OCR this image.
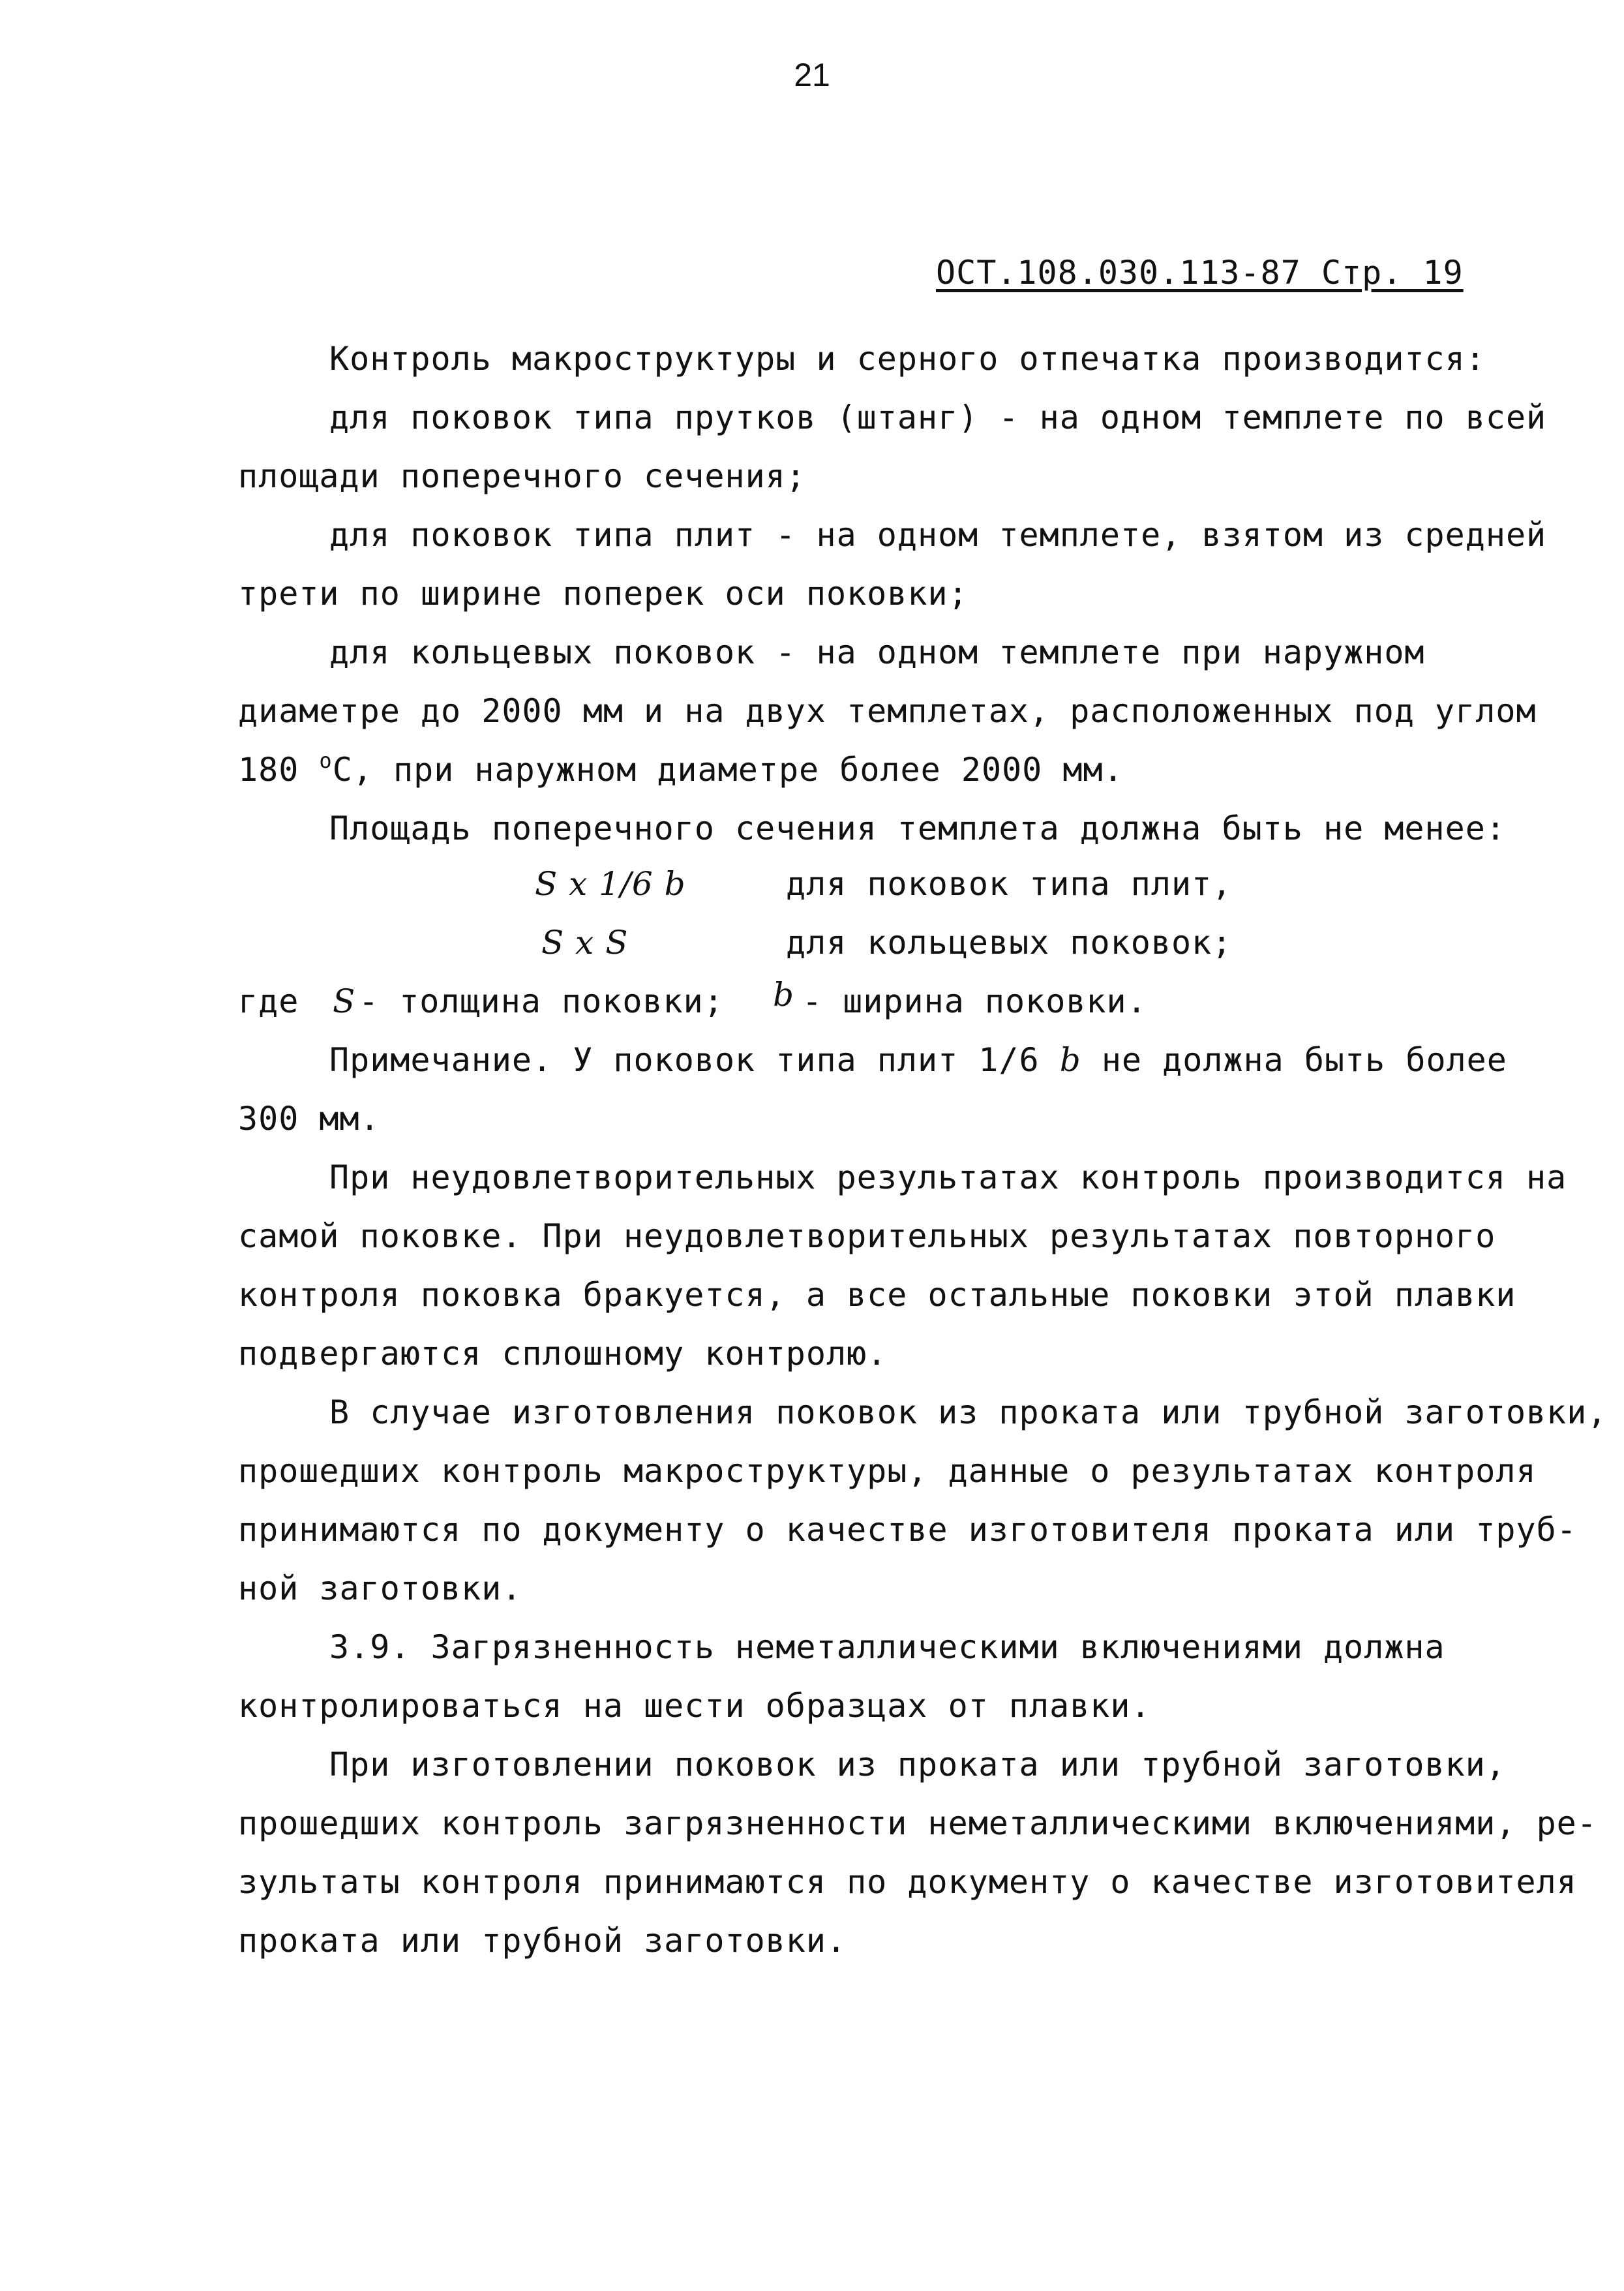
21
ОСТ.108.030.113-87 Стр. 19
Контроль макроструктуры и серного отпечатка производится:
для поковок типа прутков (штанг) - на одном темплете по всей
площади поперечного сечения;
для поковок типа плит - на одном темплете, взятом из средней
трети по ширине поперек оси поковки;
для кольцевых поковок - на одном темплете при наружном
диаметре до 2000 мм и на двух темплетах, расположенных под углом
180 $^о$С, при наружном диаметре более 2000 мм.
Площадь поперечного сечения темплета должна быть не менее:
S x 1/6 b	для поковок типа плит,
S x S	для кольцевых поковок;
где S - толщина поковки; b - ширина поковки.
Примечание. У поковок типа плит 1/6 b не должна быть более
300 мм.
При неудовлетворительных результатах контроль производится на
самой поковке. При неудовлетворительных результатах повторного
контроля поковка бракуется, а все остальные поковки этой плавки
подвергаются сплошному контролю.
В случае изготовления поковок из проката или трубной заготовки,
прошедших контроль макроструктуры, данные о результатах контроля
принимаются по документу о качестве изготовителя проката или труб-
ной заготовки.
3.9. Загрязненность неметаллическими включениями должна
контролироваться на шести образцах от плавки.
При изготовлении поковок из проката или трубной заготовки,
прошедших контроль загрязненности неметаллическими включениями, ре-
зультаты контроля принимаются по документу о качестве изготовителя
проката или трубной заготовки.
